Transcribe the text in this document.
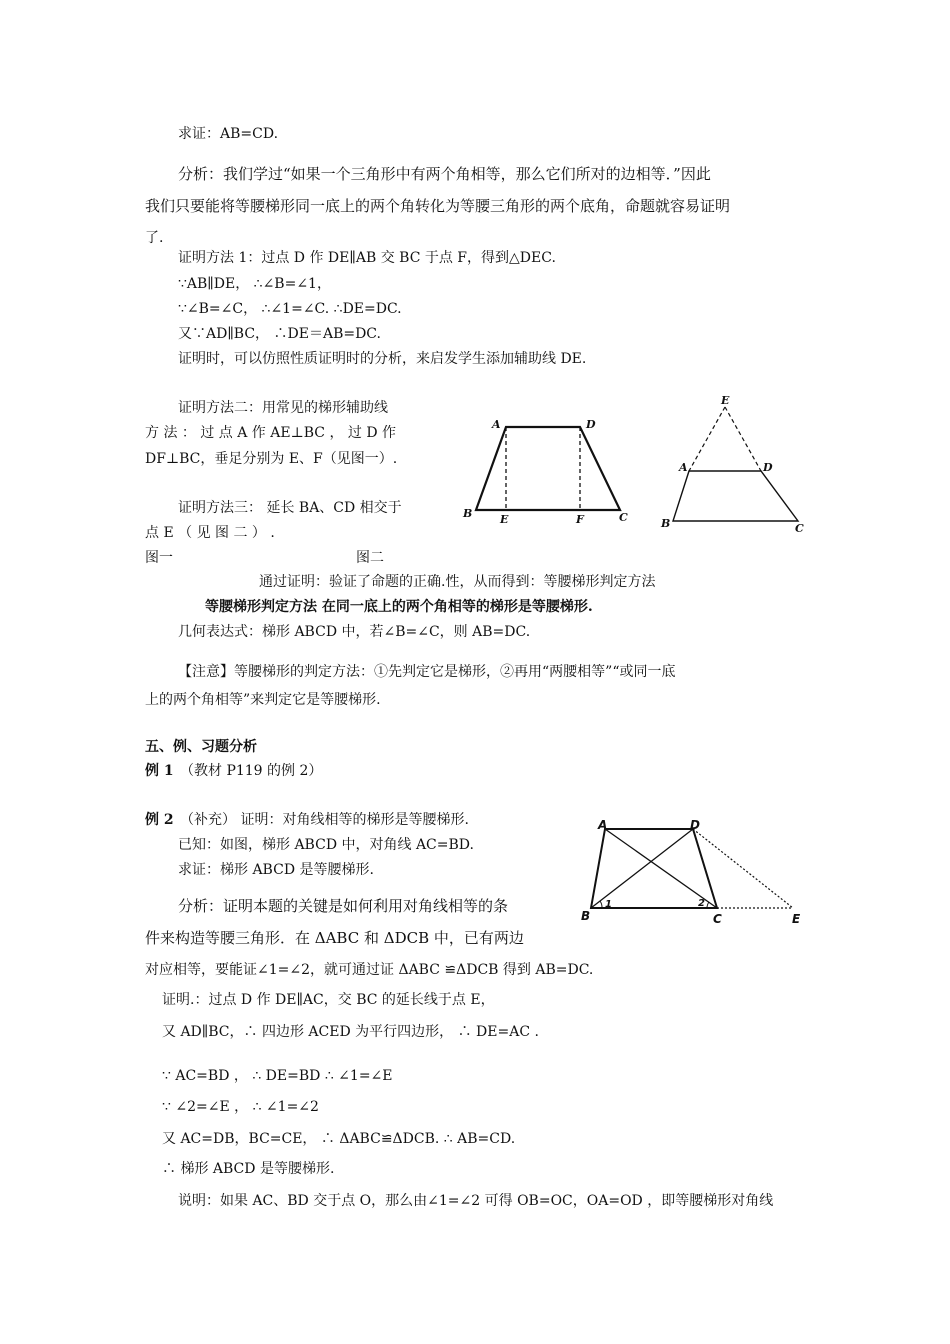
求证：AB=CD.
分析：我们学过“如果一个三角形中有两个角相等，那么它们所对的边相等．”因此
我们只要能将等腰梯形同一底上的两个角转化为等腰三角形的两个底角，命题就容易证明
了.
证明方法 1：过点 D 作 DE∥AB 交 BC 于点 F，得到△DEC.
∵AB∥DE， ∴∠B=∠1，
∵∠B=∠C， ∴∠1=∠C. ∴DE=DC.
又∵AD∥BC， ∴DE＝AB=DC.
证明时，可以仿照性质证明时的分析，来启发学生添加辅助线 DE.
证明方法二：用常见的梯形辅助线
方 法 ： 过 点 A 作 AE⊥BC ， 过 D 作
DF⊥BC，垂足分别为 E、F（见图一）.
证明方法三： 延长 BA、CD 相交于
点 E （ 见 图 二 ） .
图一	图二
A	D
B	E	F	C
E
A	D
B	C
通过证明：验证了命题的正确.性，从而得到：等腰梯形判定方法
等腰梯形判定方法 在同一底上的两个角相等的梯形是等腰梯形.
几何表达式：梯形 ABCD 中，若∠B=∠C，则 AB=DC.
【注意】等腰梯形的判定方法：①先判定它是梯形，②再用“两腰相等”“或同一底
上的两个角相等”来判定它是等腰梯形.
五、例、习题分析
例 1 （教材 P119 的例 2）
例 2 （补充） 证明：对角线相等的梯形是等腰梯形.
已知：如图，梯形 ABCD 中，对角线 AC=BD.
求证：梯形 ABCD 是等腰梯形.
分析：证明本题的关键是如何利用对角线相等的条
件来构造等腰三角形．在 ΔABC 和 ΔDCB 中，已有两边
对应相等，要能证∠1=∠2，就可通过证 ΔABC ≌ΔDCB 得到 AB=DC.
证明.：过点 D 作 DE∥AC，交 BC 的延长线于点 E，
又 AD∥BC，∴ 四边形 ACED 为平行四边形， ∴ DE=AC .
∵ AC=BD ， ∴ DE=BD ∴ ∠1=∠E
∵ ∠2=∠E ， ∴ ∠1=∠2
又 AC=DB，BC=CE， ∴ ΔABC≌ΔDCB. ∴ AB=CD.
∴ 梯形 ABCD 是等腰梯形.
说明：如果 AC、BD 交于点 O，那么由∠1=∠2 可得 OB=OC，OA=OD ，即等腰梯形对角线
A	D
B	C	E
1	2
